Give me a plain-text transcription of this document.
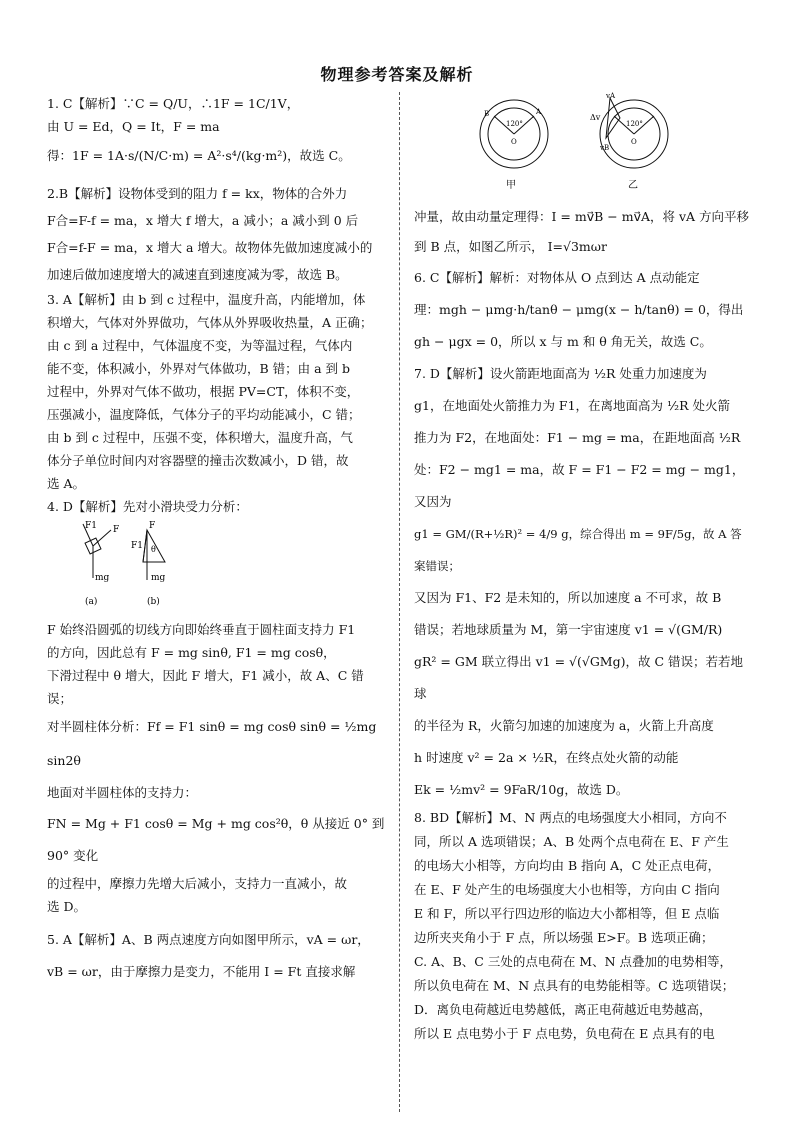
物理参考答案及解析

1. C【解析】∵C = Q/U，∴1F = 1C/1V，

由 U = Ed，Q = It，F = ma

得：1F = 1A·s/(N/C·m) = A²·s⁴/(kg·m²)，故选 C。

2.B【解析】设物体受到的阻力 f = kx，物体的合外力

F合=F-f = ma，x 增大 f 增大，a 减小；a 减小到 0 后

F合=f-F = ma，x 增大 a 增大。故物体先做加速度减小的

加速后做加速度增大的减速直到速度减为零，故选 B。

3. A【解析】由 b 到 c 过程中，温度升高，内能增加，体

积增大，气体对外界做功，气体从外界吸收热量，A 正确；

由 c 到 a 过程中，气体温度不变，为等温过程，气体内

能不变，体积减小，外界对气体做功，B 错；由 a 到 b

过程中，外界对气体不做功，根据 PV=CT，体积不变，

压强减小，温度降低，气体分子的平均动能减小，C 错；

由 b 到 c 过程中，压强不变，体积增大，温度升高，气

体分子单位时间内对容器壁的撞击次数减小，D 错，故

选 A。

4. D【解析】先对小滑块受力分析：

F1 F
mg
(a)
F
F1 θ
mg
(b)

F 始终沿圆弧的切线方向即始终垂直于圆柱面支持力 F1

的方向，因此总有 F = mg sinθ, F1 = mg cosθ，

下滑过程中 θ 增大，因此 F 增大，F1 减小，故 A、C 错

误；

对半圆柱体分析：Ff = F1 sinθ = mg cosθ sinθ = ½mg sin2θ

地面对半圆柱体的支持力：

FN = Mg + F1 cosθ = Mg + mg cos²θ，θ 从接近 0° 到 90° 变化

的过程中，摩擦力先增大后减小，支持力一直减小，故

选 D。

5. A【解析】A、B 两点速度方向如图甲所示，vA = ωr，

vB = ωr，由于摩擦力是变力，不能用 I = Ft 直接求解

120°
O
甲
A
B
120°
O
Δv
vA
vB
乙

冲量，故由动量定理得：I = mv⃗B − mv⃗A，将 vA 方向平移

到 B 点，如图乙所示， I=√3mωr

6. C【解析】解析：对物体从 O 点到达 A 点动能定

理：mgh − μmg·h/tanθ − μmg(x − h/tanθ) = 0，得出

gh − μgx = 0，所以 x 与 m 和 θ 角无关，故选 C。

7. D【解析】设火箭距地面高为 ½R 处重力加速度为

g1，在地面处火箭推力为 F1，在离地面高为 ½R 处火箭

推力为 F2，在地面处：F1 − mg = ma，在距地面高 ½R

处：F2 − mg1 = ma，故 F = F1 − F2 = mg − mg1，又因为

g1 = GM/(R+½R)² = 4/9 g，综合得出 m = 9F/5g，故 A 答案错误；

又因为 F1、F2 是未知的，所以加速度 a 不可求，故 B

错误；若地球质量为 M，第一宇宙速度 v1 = √(GM/R)

gR² = GM 联立得出 v1 = √(√GMg)，故 C 错误；若若地球

的半径为 R，火箭匀加速的加速度为 a，火箭上升高度

h 时速度 v² = 2a × ½R，在终点处火箭的动能

Ek = ½mv² = 9FaR/10g，故选 D。

8. BD【解析】M、N 两点的电场强度大小相同，方向不

同，所以 A 选项错误；A、B 处两个点电荷在 E、F 产生

的电场大小相等，方向均由 B 指向 A，C 处正点电荷，

在 E、F 处产生的电场强度大小也相等，方向由 C 指向

E 和 F，所以平行四边形的临边大小都相等，但 E 点临

边所夹夹角小于 F 点，所以场强 E>F。B 选项正确；

C. A、B、C 三处的点电荷在 M、N 点叠加的电势相等，

所以负电荷在 M、N 点具有的电势能相等。C 选项错误；

D．离负电荷越近电势越低，离正电荷越近电势越高，

所以 E 点电势小于 F 点电势，负电荷在 E 点具有的电
